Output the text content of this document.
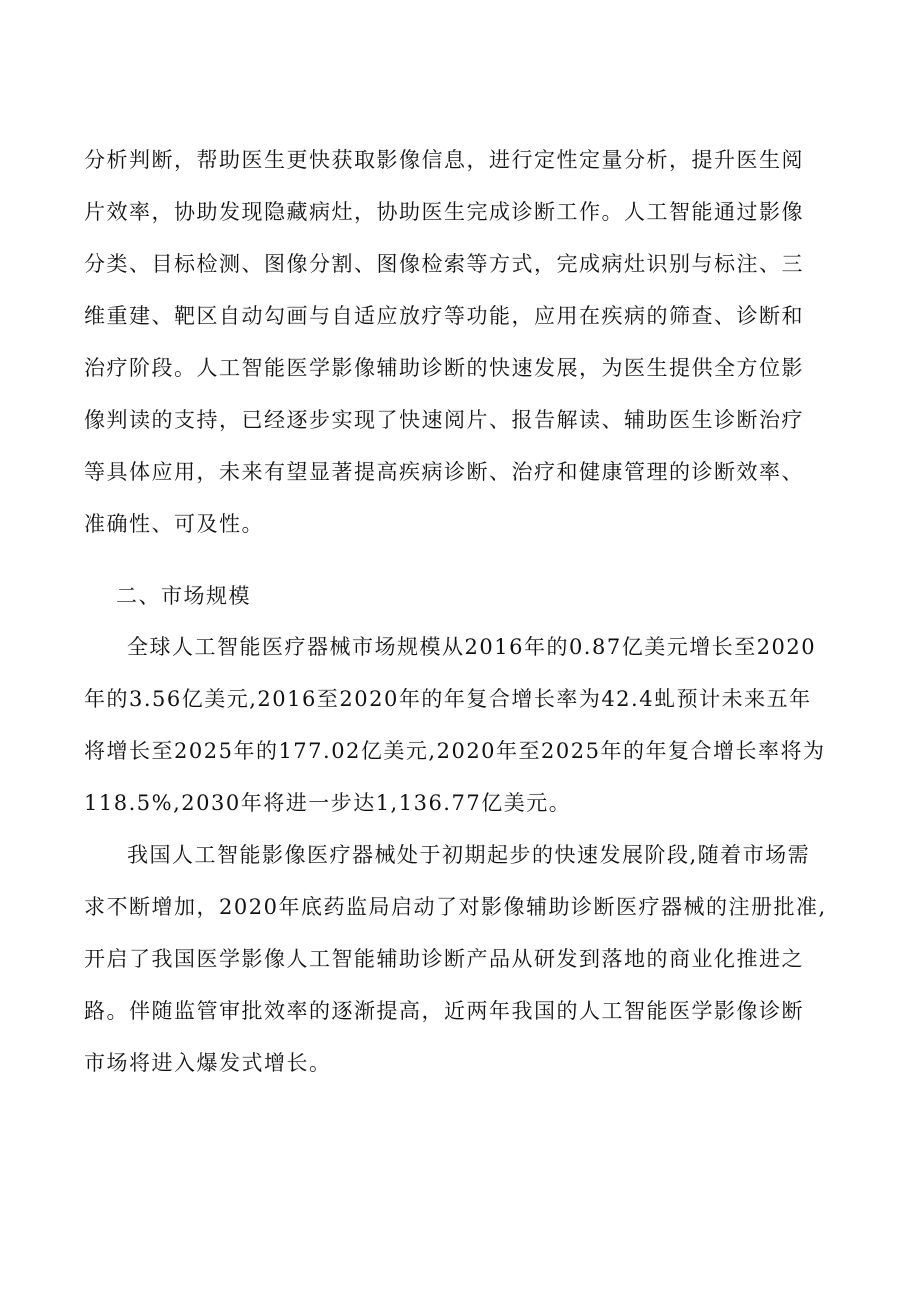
分析判断，帮助医生更快获取影像信息，进行定性定量分析，提升医生阅
片效率，协助发现隐藏病灶，协助医生完成诊断工作。人工智能通过影像
分类、目标检测、图像分割、图像检索等方式，完成病灶识别与标注、三
维重建、靶区自动勾画与自适应放疗等功能，应用在疾病的筛查、诊断和
治疗阶段。人工智能医学影像辅助诊断的快速发展，为医生提供全方位影
像判读的支持，已经逐步实现了快速阅片、报告解读、辅助医生诊断治疗
等具体应用，未来有望显著提高疾病诊断、治疗和健康管理的诊断效率、
准确性、可及性。
二、市场规模
全球人工智能医疗器械市场规模从2016年的0.87亿美元增长至2020
年的3.56亿美元,2016至2020年的年复合增长率为42.4虬预计未来五年
将增长至2025年的177.02亿美元,2020年至2025年的年复合增长率将为
118.5%,2030年将进一步达1,136.77亿美元。
我国人工智能影像医疗器械处于初期起步的快速发展阶段,随着市场需
求不断增加，2020年底药监局启动了对影像辅助诊断医疗器械的注册批准,
开启了我国医学影像人工智能辅助诊断产品从研发到落地的商业化推进之
路。伴随监管审批效率的逐渐提高，近两年我国的人工智能医学影像诊断
市场将进入爆发式增长。
